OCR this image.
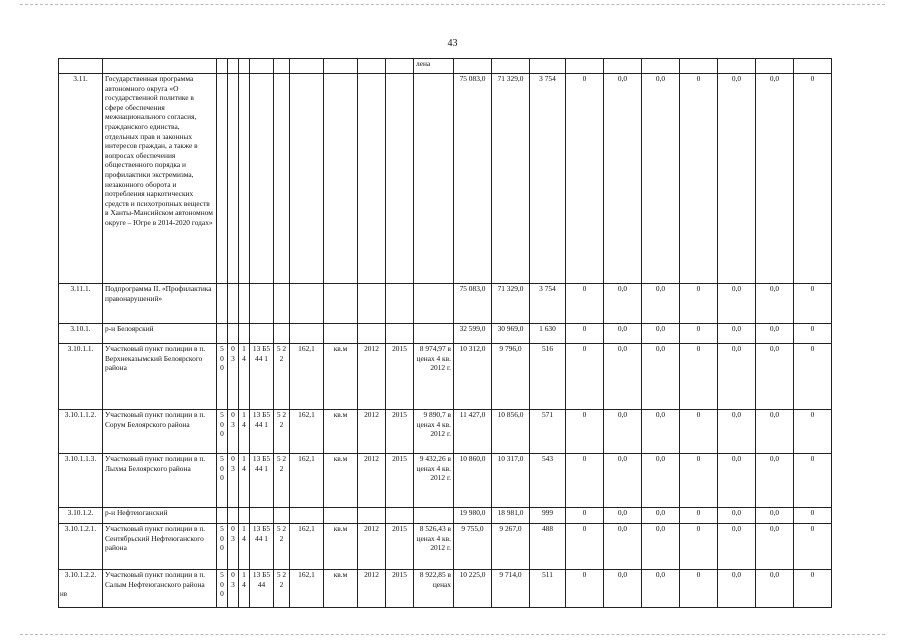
43
											лена										
3.11.	Государственная программа автономного округа «О государственной политике в сфере обеспечения межнационального согласия, гражданского единства, отдельных прав и законных интересов граждан, а также в вопросах обеспечения общественного порядка и профилактики экстремизма, незаконного оборота и потребления наркотических средств и психотропных веществ в Ханты-Мансийском автономном округе – Югре в 2014-2020 годах»											75 083,0	71 329,0	3 754	0	0,0	0,0	0	0,0	0,0	0
3.11.1.	Подпрограмма II. «Профилактика правонарушений»											75 083,0	71 329,0	3 754	0	0,0	0,0	0	0,0	0,0	0
3.10.1.	р-н Белоярский											32 599,0	30 969,0	1 630	0	0,0	0,0	0	0,0	0,0	0
3.10.1.1.	Участковый пункт полиции в п. Верхнеказымский Белоярского района	5 0 0	0 3	1 4	13 Б5 44 1	5 2 2	162,1	кв.м	2012	2015	8 974,97 в ценах 4 кв. 2012 г.	10 312,0	9 796,0	516	0	0,0	0,0	0	0,0	0,0	0
3.10.1.1.2.	Участковый пункт полиции в п. Сорум Белоярского района	5 0 0	0 3	1 4	13 Б5 44 1	5 2 2	162,1	кв.м	2012	2015	9 890,7 в ценах 4 кв. 2012 г.	11 427,0	10 856,0	571	0	0,0	0,0	0	0,0	0,0	0
3.10.1.1.3.	Участковый пункт полиции в п. Лыхма Белоярского района	5 0 0	0 3	1 4	13 Б5 44 1	5 2 2	162,1	кв.м	2012	2015	9 432,26 в ценах 4 кв. 2012 г.	10 860,0	10 317,0	543	0	0,0	0,0	0	0,0	0,0	0
3.10.1.2.	р-н Нефтеюганский											19 980,0	18 981,0	999	0	0,0	0,0	0	0,0	0,0	0
3.10.1.2.1.	Участковый пункт полиции в п. Сентябрьский Нефтеюганского района	5 0 0	0 3	1 4	13 Б5 44 1	5 2 2	162,1	кв.м	2012	2015	8 526,43 в ценах 4 кв. 2012 г.	9 755,0	9 267,0	488	0	0,0	0,0	0	0,0	0,0	0
3.10.1.2.2.	Участковый пункт полиции в п. Салым Нефтеюганского района	5 0 0	0 3	1 4	13 Б5 44	5 2 2	162,1	кв.м	2012	2015	8 922,85 в ценах	10 225,0	9 714,0	511	0	0,0	0,0	0	0,0	0,0	0
нв
